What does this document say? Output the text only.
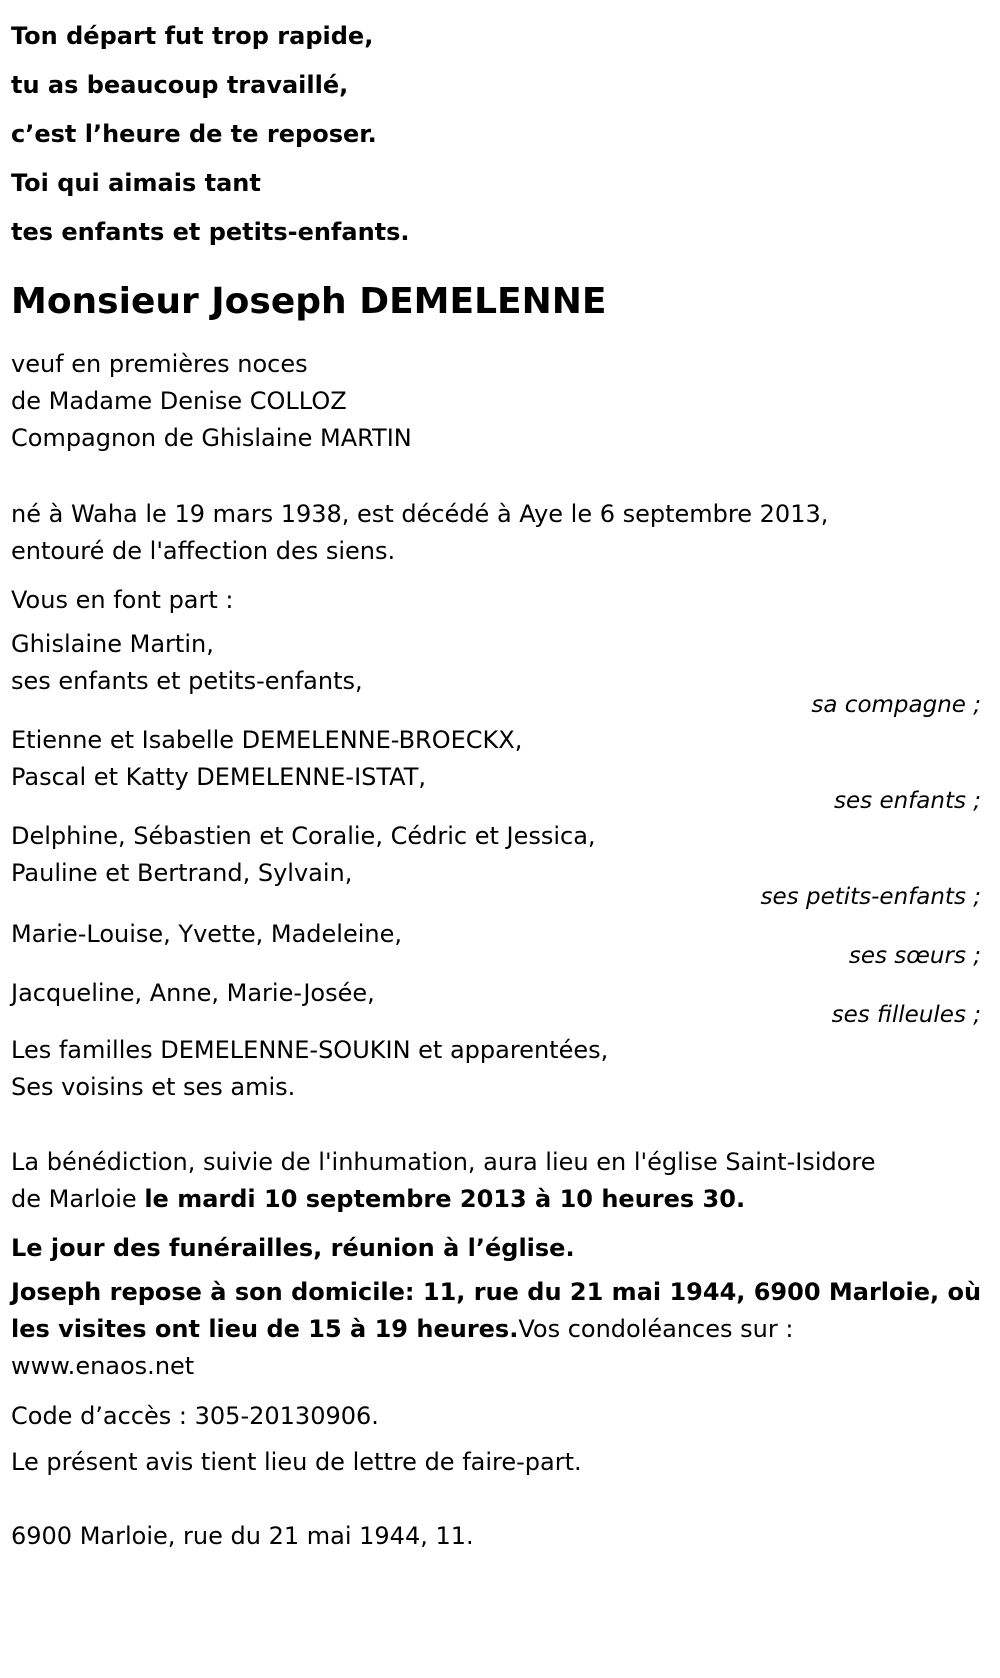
Ton départ fut trop rapide,
tu as beaucoup travaillé,
c’est l’heure de te reposer.
Toi qui aimais tant
tes enfants et petits-enfants.
Monsieur Joseph DEMELENNE
veuf en premières noces
de Madame Denise COLLOZ
Compagnon de Ghislaine MARTIN
né à Waha le 19 mars 1938, est décédé à Aye le 6 septembre 2013,
entouré de l'affection des siens.
Vous en font part :
Ghislaine Martin,
ses enfants et petits-enfants,
sa compagne ;
Etienne et Isabelle DEMELENNE-BROECKX,
Pascal et Katty DEMELENNE-ISTAT,
ses enfants ;
Delphine, Sébastien et Coralie, Cédric et Jessica,
Pauline et Bertrand, Sylvain,
ses petits-enfants ;
Marie-Louise, Yvette, Madeleine,
ses sœurs ;
Jacqueline, Anne, Marie-Josée,
ses filleules ;
Les familles DEMELENNE-SOUKIN et apparentées,
Ses voisins et ses amis.
La bénédiction, suivie de l'inhumation, aura lieu en l'église Saint-Isidore
de Marloie le mardi 10 septembre 2013 à 10 heures 30.
Le jour des funérailles, réunion à l’église.
Joseph repose à son domicile: 11, rue du 21 mai 1944, 6900 Marloie, où
les visites ont lieu de 15 à 19 heures.Vos condoléances sur :
www.enaos.net
Code d’accès : 305-20130906.
Le présent avis tient lieu de lettre de faire-part.
6900 Marloie, rue du 21 mai 1944, 11.
